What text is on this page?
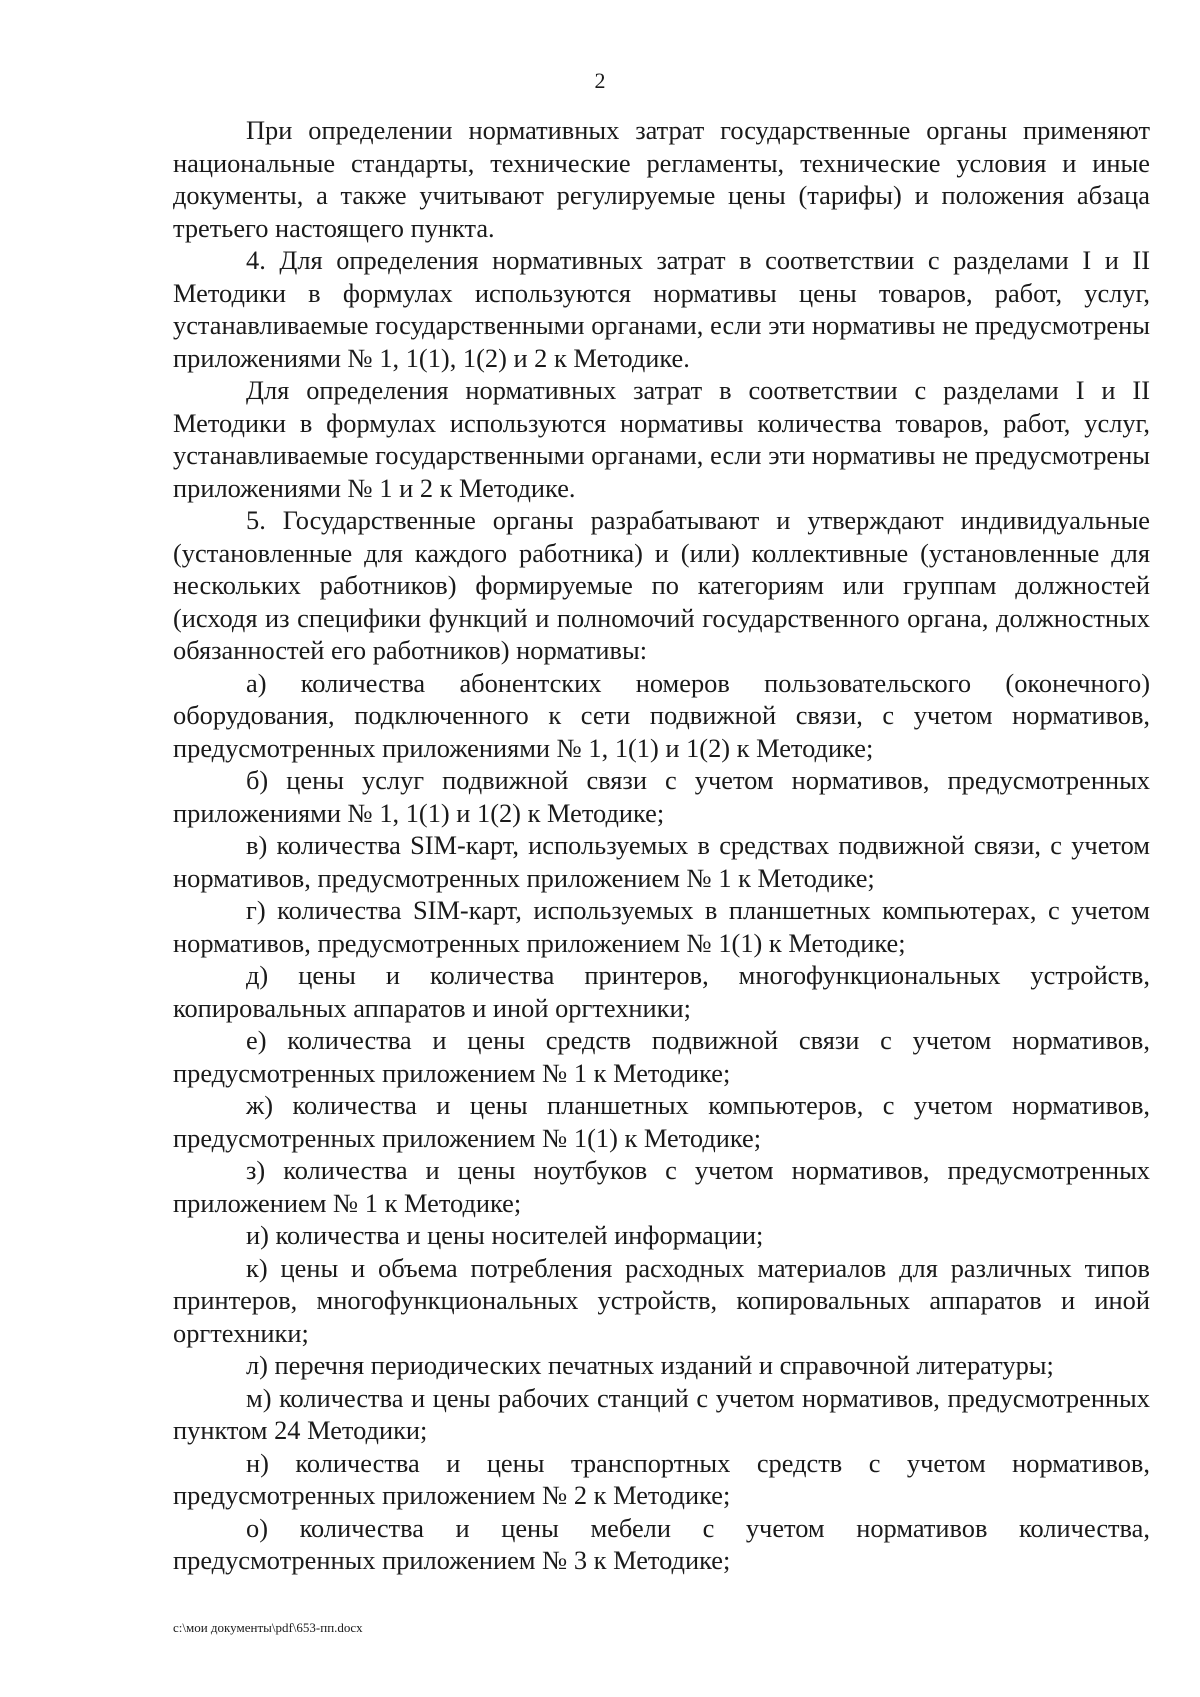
2

При определении нормативных затрат государственные органы применяют национальные стандарты, технические регламенты, технические условия и иные документы, а также учитывают регулируемые цены (тарифы) и положения абзаца третьего настоящего пункта.

4. Для определения нормативных затрат в соответствии с разделами I и II Методики в формулах используются нормативы цены товаров, работ, услуг, устанавливаемые государственными органами, если эти нормативы не предусмотрены приложениями № 1, 1(1), 1(2) и 2 к Методике.

Для определения нормативных затрат в соответствии с разделами I и II Методики в формулах используются нормативы количества товаров, работ, услуг, устанавливаемые государственными органами, если эти нормативы не предусмотрены приложениями № 1 и 2 к Методике.

5. Государственные органы разрабатывают и утверждают индивидуальные (установленные для каждого работника) и (или) коллективные (установленные для нескольких работников) формируемые по категориям или группам должностей (исходя из специфики функций и полномочий государственного органа, должностных обязанностей его работников) нормативы:

а) количества абонентских номеров пользовательского (оконечного) оборудования, подключенного к сети подвижной связи, с учетом нормативов, предусмотренных приложениями № 1, 1(1) и 1(2) к Методике;

б) цены услуг подвижной связи с учетом нормативов, предусмотренных приложениями № 1, 1(1) и 1(2) к Методике;

в) количества SIM-карт, используемых в средствах подвижной связи, с учетом нормативов, предусмотренных приложением № 1 к Методике;

г) количества SIM-карт, используемых в планшетных компьютерах, с учетом нормативов, предусмотренных приложением № 1(1) к Методике;

д) цены и количества принтеров, многофункциональных устройств, копировальных аппаратов и иной оргтехники;

е) количества и цены средств подвижной связи с учетом нормативов, предусмотренных приложением № 1 к Методике;

ж) количества и цены планшетных компьютеров, с учетом нормативов, предусмотренных приложением № 1(1) к Методике;

з) количества и цены ноутбуков с учетом нормативов, предусмотренных приложением № 1 к Методике;

и) количества и цены носителей информации;

к) цены и объема потребления расходных материалов для различных типов принтеров, многофункциональных устройств, копировальных аппаратов и иной оргтехники;

л) перечня периодических печатных изданий и справочной литературы;

м) количества и цены рабочих станций с учетом нормативов, предусмотренных пунктом 24 Методики;

н) количества и цены транспортных средств с учетом нормативов, предусмотренных приложением № 2 к Методике;

о) количества и цены мебели с учетом нормативов количества, предусмотренных приложением № 3 к Методике;

c:\мои документы\pdf\653-пп.docx
